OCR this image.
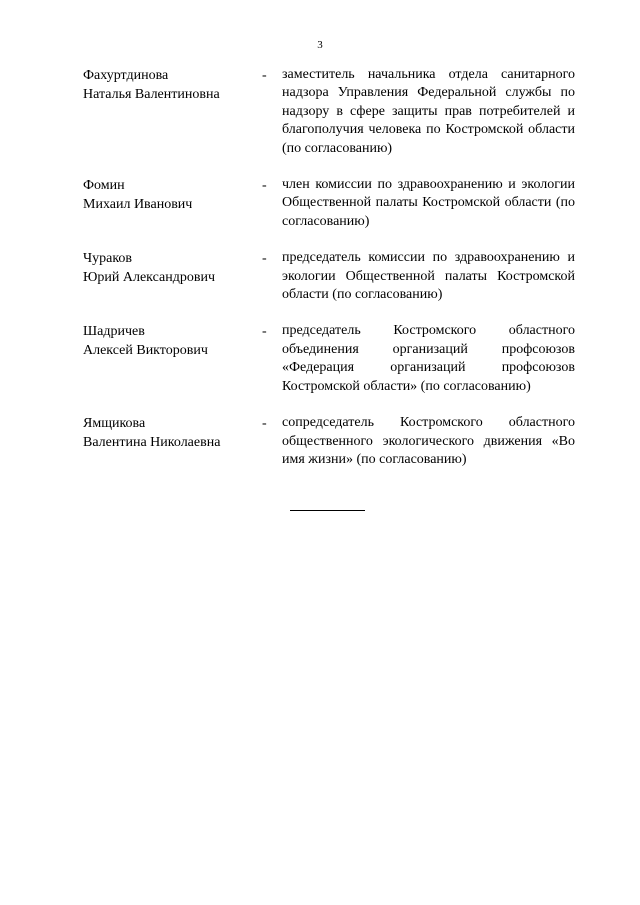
3
Фахуртдинова
Наталья Валентиновна
-	заместитель начальника отдела санитарного надзора Управления Федеральной службы по надзору в сфере защиты прав потребителей и благополучия человека по Костромской области (по согласованию)
Фомин
Михаил Иванович
-	член комиссии по здравоохранению и экологии Общественной палаты Костромской области (по согласованию)
Чураков
Юрий Александрович
-	председатель комиссии по здравоохранению и экологии Общественной палаты Костромской области (по согласованию)
Шадричев
Алексей Викторович
-	председатель Костромского областного объединения организаций профсоюзов «Федерация организаций профсоюзов Костромской области» (по согласованию)
Ямщикова
Валентина Николаевна
-	сопредседатель Костромского областного общественного экологического движения «Во имя жизни» (по согласованию)
